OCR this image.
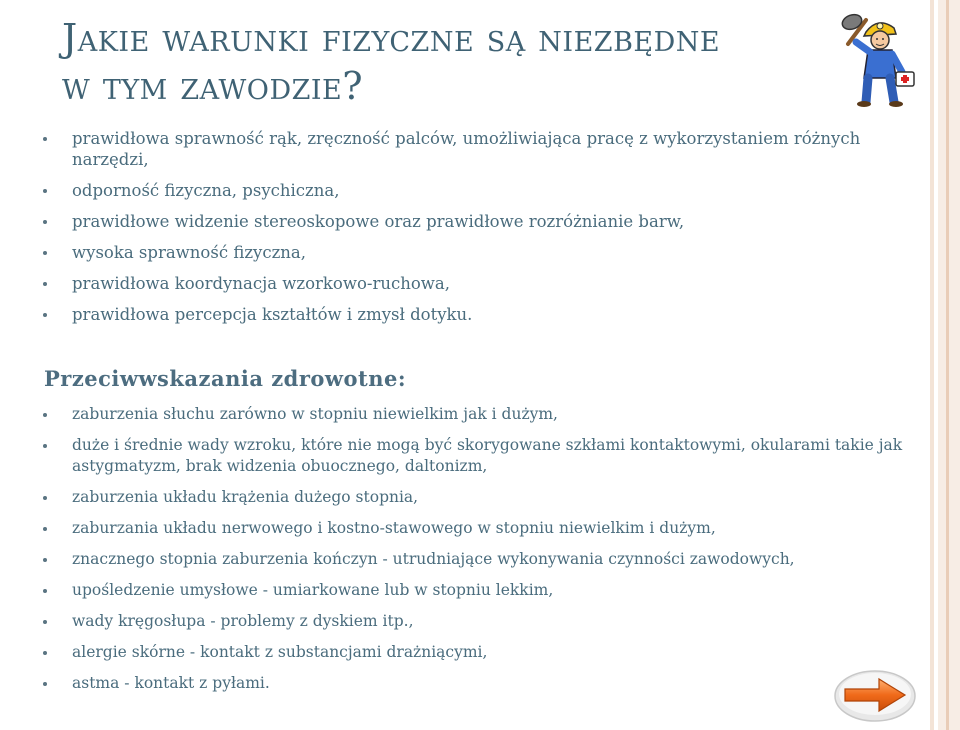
Jakie warunki fizyczne są niezbędne
w tym zawodzie?
prawidłowa sprawność rąk, zręczność palców, umożliwiająca pracę z wykorzystaniem różnych narzędzi,
odporność fizyczna, psychiczna,
prawidłowe widzenie stereoskopowe oraz prawidłowe rozróżnianie barw,
wysoka sprawność fizyczna,
prawidłowa koordynacja wzorkowo-ruchowa,
prawidłowa percepcja kształtów i zmysł dotyku.
Przeciwwskazania zdrowotne:
zaburzenia słuchu zarówno w stopniu niewielkim jak i dużym,
duże i średnie wady wzroku, które nie mogą być skorygowane szkłami kontaktowymi, okularami takie jak astygmatyzm, brak widzenia obuocznego, daltonizm,
zaburzenia układu krążenia dużego stopnia,
zaburzania układu nerwowego i kostno-stawowego w stopniu niewielkim i dużym,
znacznego stopnia zaburzenia kończyn - utrudniające wykonywania czynności zawodowych,
upośledzenie umysłowe - umiarkowane lub w stopniu lekkim,
wady kręgosłupa - problemy z dyskiem itp.,
alergie skórne - kontakt z substancjami drażniącymi,
astma - kontakt z pyłami.
